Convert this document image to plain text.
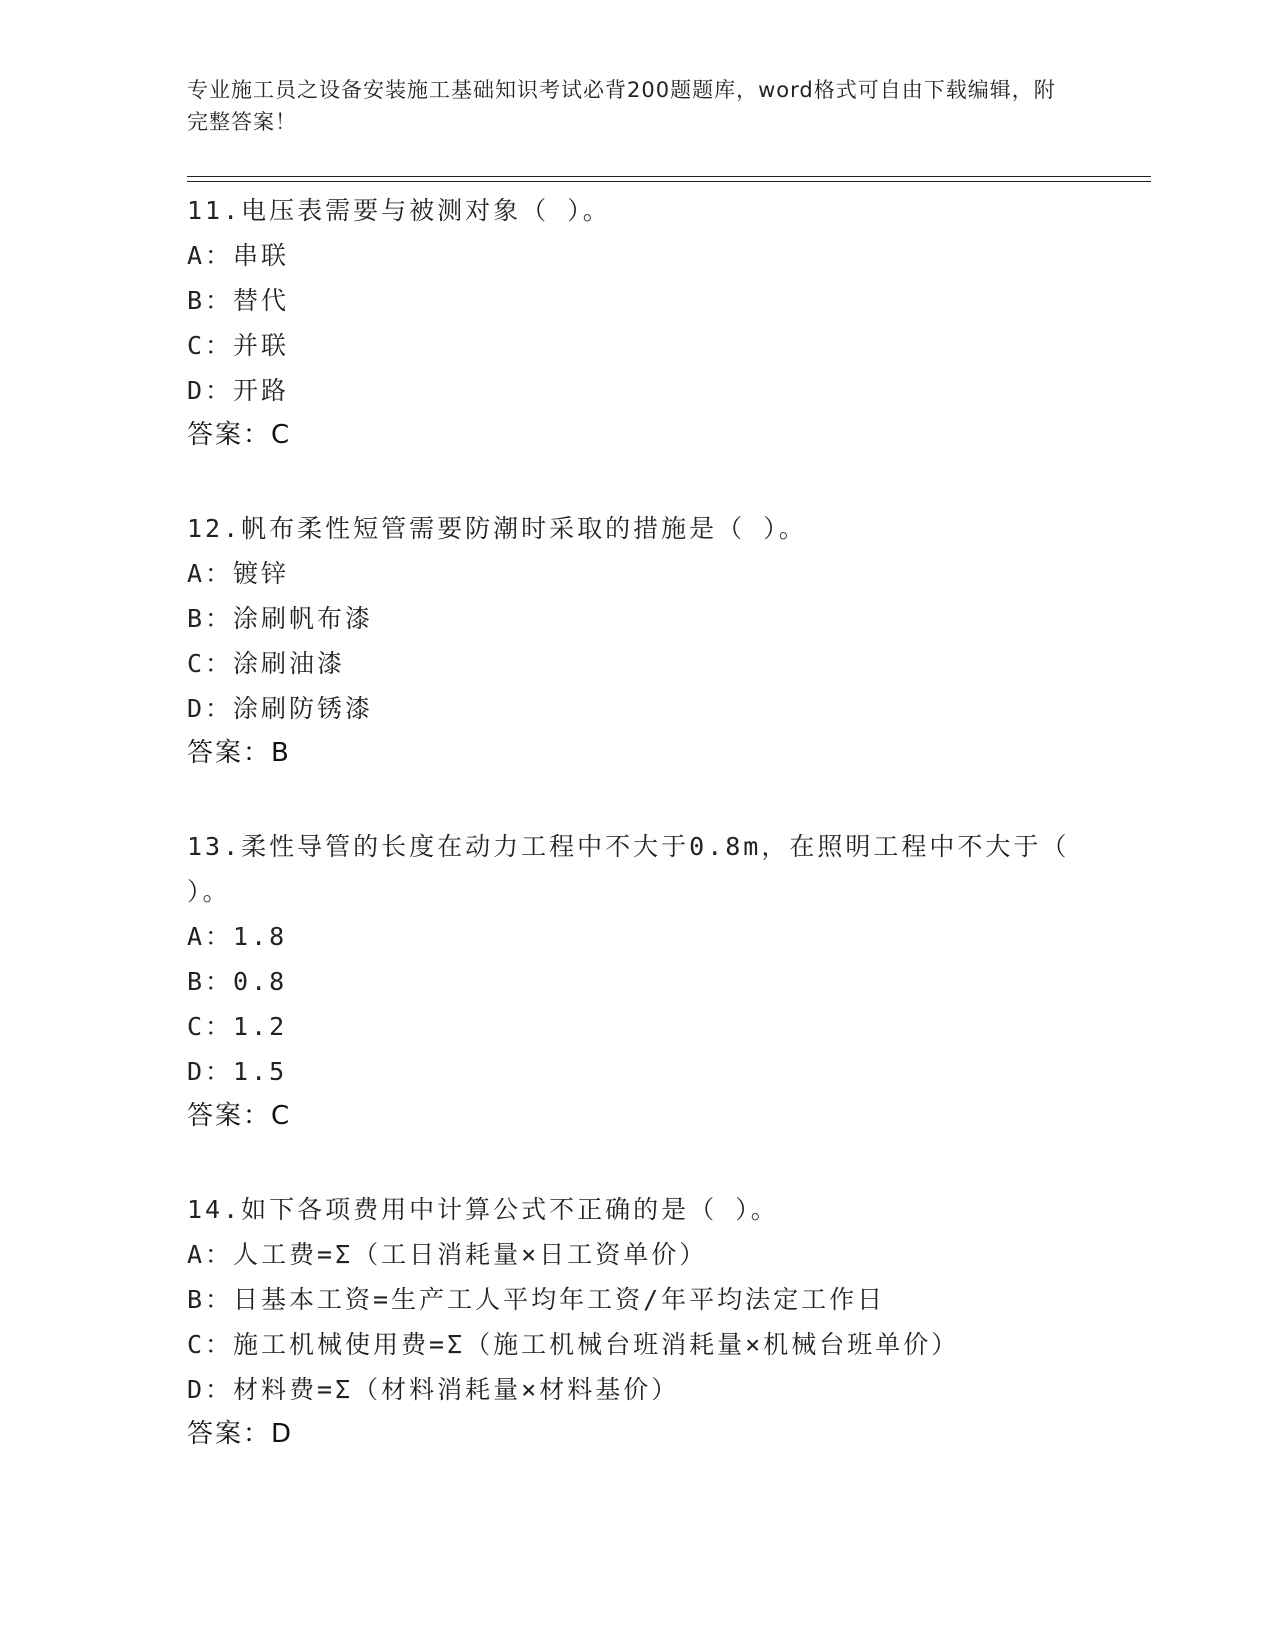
专业施工员之设备安装施工基础知识考试必背200题题库，word格式可自由下载编辑，附完整答案！
11.电压表需要与被测对象（ ）。
A：串联
B：替代
C：并联
D：开路
答案：C
12.帆布柔性短管需要防潮时采取的措施是（ ）。
A：镀锌
B：涂刷帆布漆
C：涂刷油漆
D：涂刷防锈漆
答案：B
13.柔性导管的长度在动力工程中不大于0.8m，在照明工程中不大于（ ）。
A：1.8
B：0.8
C：1.2
D：1.5
答案：C
14.如下各项费用中计算公式不正确的是（ ）。
A：人工费=Σ（工日消耗量×日工资单价）
B：日基本工资=生产工人平均年工资/年平均法定工作日
C：施工机械使用费=Σ（施工机械台班消耗量×机械台班单价）
D：材料费=Σ（材料消耗量×材料基价）
答案：D
